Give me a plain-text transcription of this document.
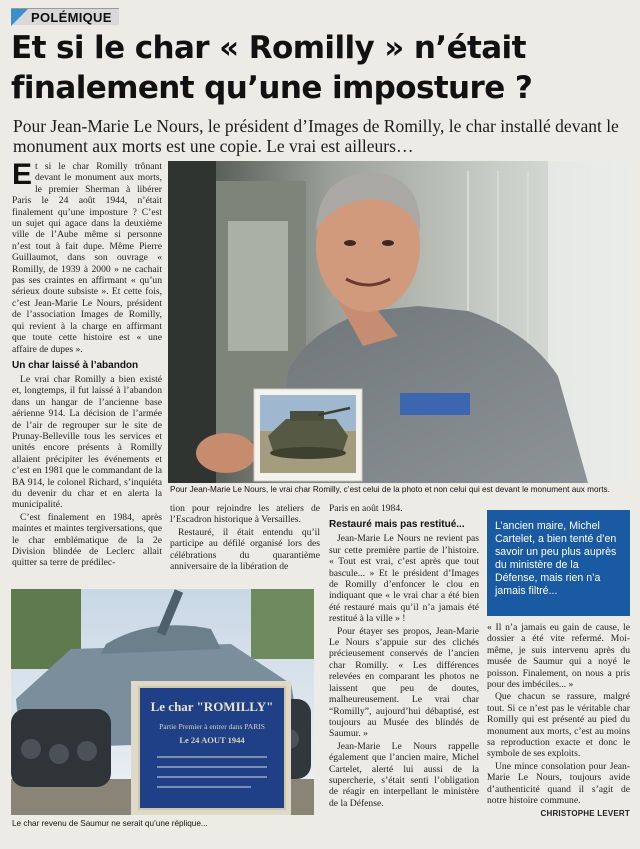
POLÉMIQUE
Et si le char « Romilly » n’était finalement qu’une imposture ?

Pour Jean-Marie Le Nours, le président d’Images de Romilly, le char installé devant le monument aux morts est une copie. Le vrai est ailleurs…

E t si le char Romilly trônant devant le monument aux morts, le premier Sherman à libérer Paris le 24 août 1944, n’était finalement qu’une imposture ? C’est un sujet qui agace dans la deuxième ville de l’Aube même si personne n’est tout à fait dupe. Même Pierre Guillaumot, dans son ouvrage « Romilly, de 1939 à 2000 » ne cachait pas ses craintes en affirmant « qu’un sérieux doute subsiste ». Et cette fois, c’est Jean-Marie Le Nours, président de l’association Images de Romilly, qui revient à la charge en affirmant que toute cette histoire est « une affaire de dupes ».

Un char laissé à l’abandon

Le vrai char Romilly a bien existé et, longtemps, il fut laissé à l’abandon dans un hangar de l’ancienne base aérienne 914. La décision de l’armée de l’air de regrouper sur le site de Prunay-Belleville tous les services et unités encore présents à Romilly allaient précipiter les événements et c’est en 1981 que le commandant de la BA 914, le colonel Richard, s’inquiéta du devenir du char et en alerta la municipalité.

C’est finalement en 1984, après maintes et maintes tergiversations, que le char emblématique de la 2e Division blindée de Leclerc allait quitter sa terre de prédilec-

Pour Jean-Marie Le Nours, le vrai char Romilly, c’est celui de la photo et non celui qui est devant le monument aux morts.

tion pour rejoindre les ateliers de l’Escadron historique à Versailles.

Restauré, il était entendu qu’il participe au défilé organisé lors des célébrations du quarantième anniversaire de la libération de

Paris en août 1984.

Restauré mais pas restitué...

Jean-Marie Le Nours ne revient pas sur cette première partie de l’histoire. « Tout est vrai, c’est après que tout bascule... » Et le président d’Images de Romilly d’enfoncer le clou en indiquant que « le vrai char a été bien été restauré mais qu’il n’a jamais été restitué à la ville » !

Pour étayer ses propos, Jean-Marie Le Nours s’appuie sur des clichés précieusement conservés de l’ancien char Romilly. « Les différences relevées en comparant les photos ne laissent que peu de doutes, malheureusement. Le vrai char “Romilly”, aujourd’hui débaptisé, est toujours au Musée des blindés de Saumur. »

Jean-Marie Le Nours rappelle également que l’ancien maire, Michel Cartelet, alerté lui aussi de la supercherie, s’était senti l’obligation de réagir en interpellant le ministère de la Défense.

L’ancien maire, Michel Cartelet, a bien tenté d’en savoir un peu plus auprès du ministère de la Défense, mais rien n’a jamais filtré...

« Il n’a jamais eu gain de cause, le dossier a été vite refermé. Moi-même, je suis intervenu après du musée de Saumur qui a noyé le poisson. Finalement, on nous a pris pour des imbéciles... »

Que chacun se rassure, malgré tout. Si ce n’est pas le véritable char Romilly qui est présenté au pied du monument aux morts, c’est au moins sa reproduction exacte et donc le symbole de ses exploits.

Une mince consolation pour Jean-Marie Le Nours, toujours avide d’authenticité quand il s’agit de notre histoire commune.

CHRISTOPHE LEVERT
Le char "ROMILLY"
Partie Premier à entrer dans PARIS
Le 24 AOUT 1944

Le char revenu de Saumur ne serait qu’une réplique...
